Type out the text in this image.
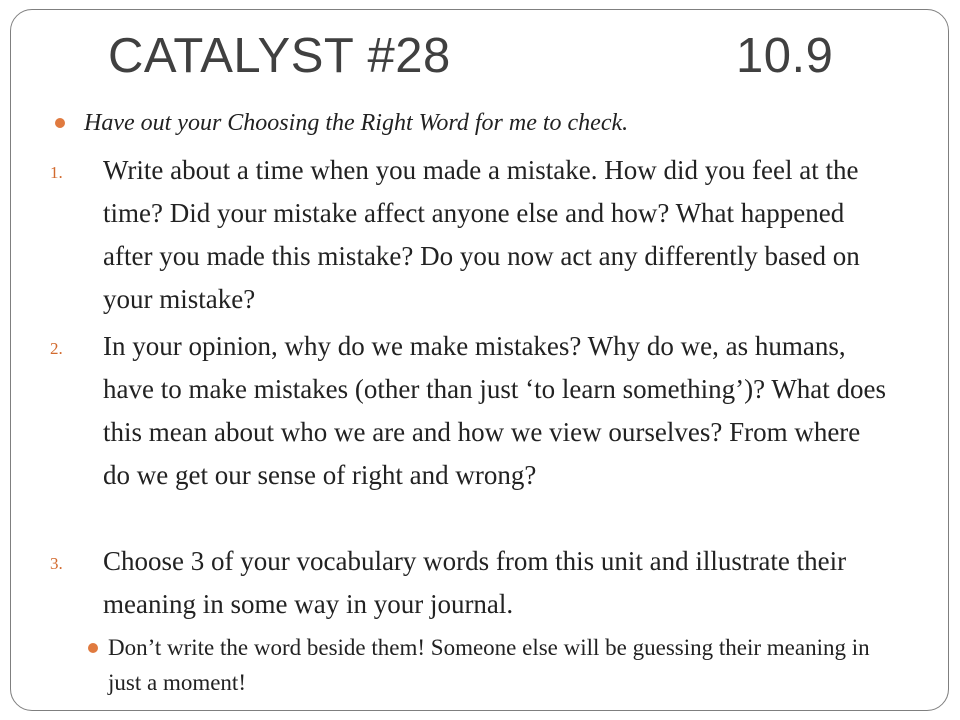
CATALYST #28	10.9
Have out your Choosing the Right Word for me to check.
1. Write about a time when you made a mistake. How did you feel at the time? Did your mistake affect anyone else and how? What happened after you made this mistake? Do you now act any differently based on your mistake?
2. In your opinion, why do we make mistakes? Why do we, as humans, have to make mistakes (other than just ‘to learn something’)? What does this mean about who we are and how we view ourselves? From where do we get our sense of right and wrong?
3. Choose 3 of your vocabulary words from this unit and illustrate their meaning in some way in your journal.
Don’t write the word beside them! Someone else will be guessing their meaning in just a moment!
